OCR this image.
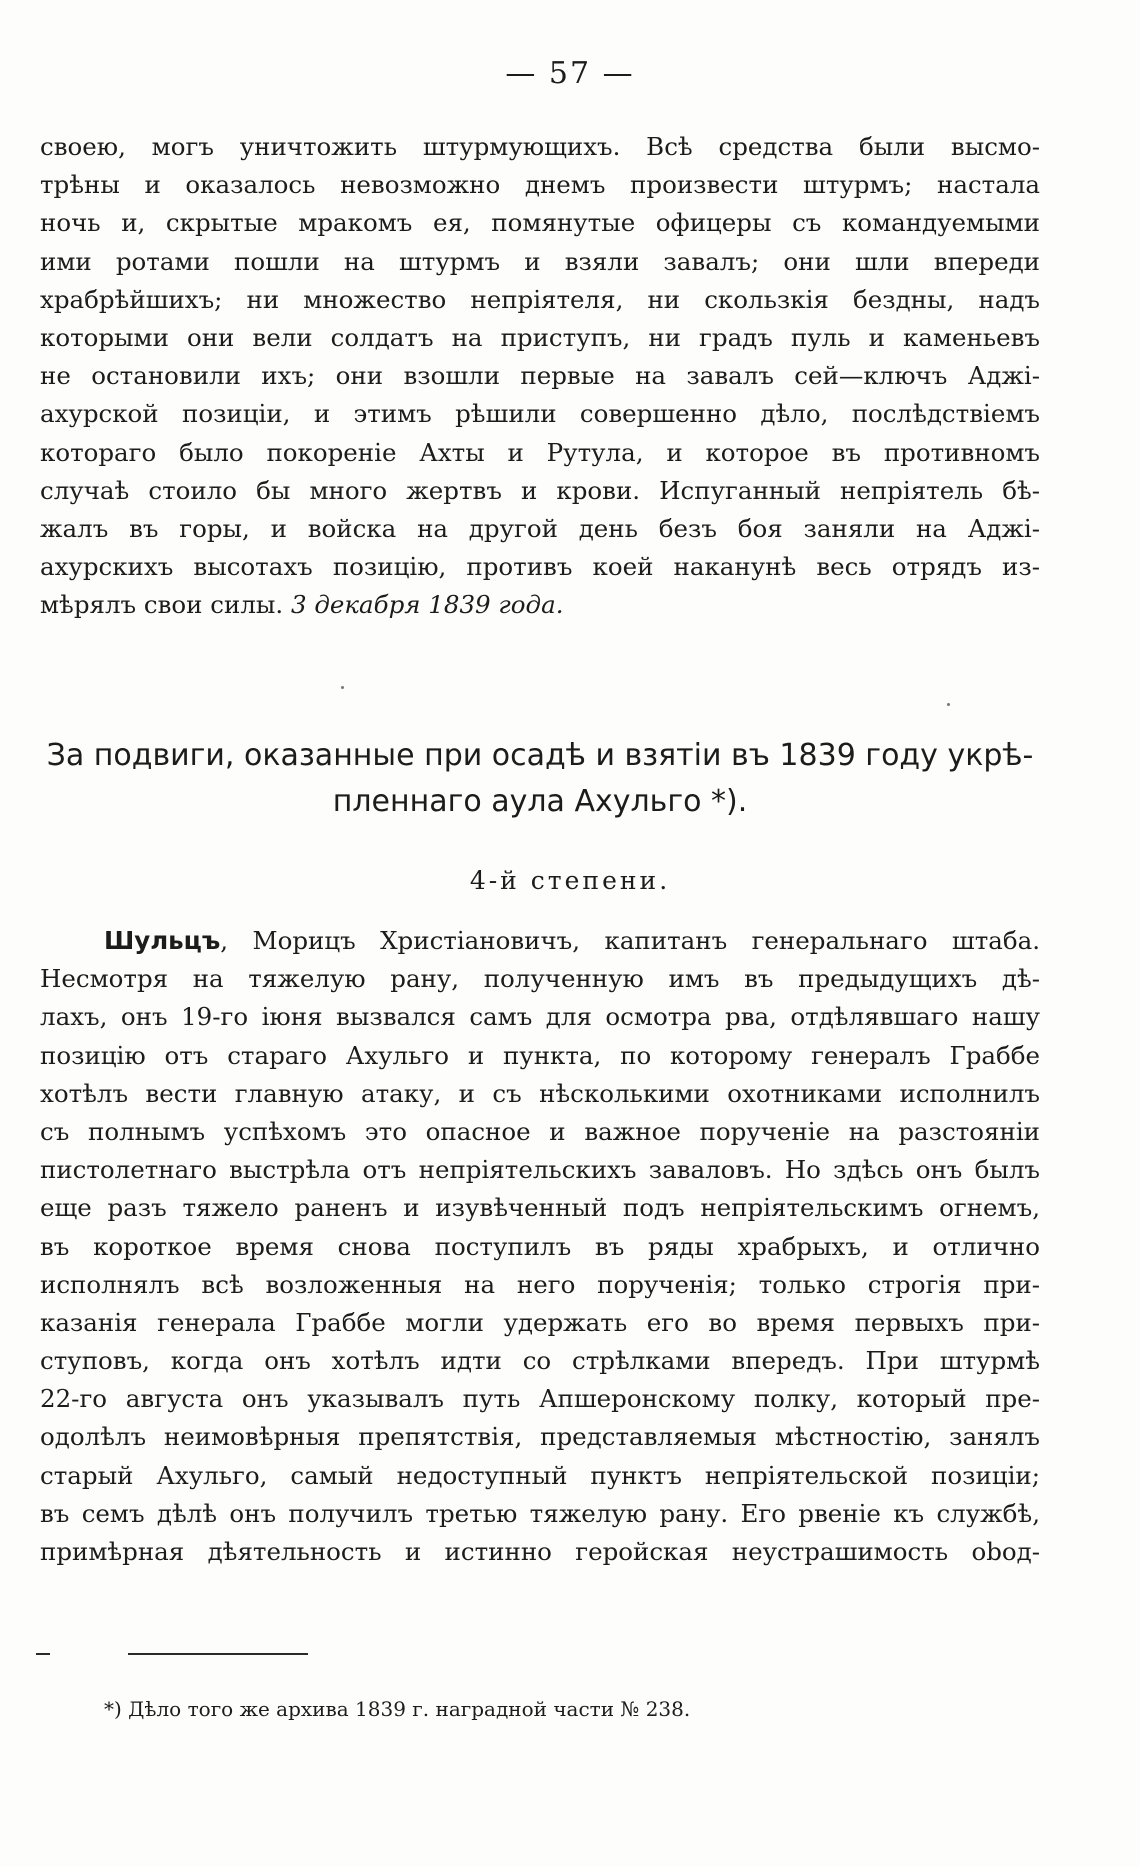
— 57 —
своею, могъ уничтожить штурмующихъ. Всѣ средства были высмо-
трѣны и оказалось невозможно днемъ произвести штурмъ; настала
ночь и, скрытые мракомъ ея, помянутые офицеры съ командуемыми
ими ротами пошли на штурмъ и взяли завалъ; они шли впереди
храбрѣйшихъ; ни множество непріятеля, ни скользкія бездны, надъ
которыми они вели солдатъ на приступъ, ни градъ пуль и каменьевъ
не остановили ихъ; они взошли первые на завалъ сей—ключъ Аджі-
ахурской позиціи, и этимъ рѣшили совершенно дѣло, послѣдствіемъ
котораго было покореніе Ахты и Рутула, и которое въ противномъ
случаѣ стоило бы много жертвъ и крови. Испуганный непріятель бѣ-
жалъ въ горы, и войска на другой день безъ боя заняли на Аджі-
ахурскихъ высотахъ позицію, противъ коей наканунѣ весь отрядъ из-
мѣрялъ свои силы. 3 декабря 1839 года.
За подвиги, оказанные при осадѣ и взятіи въ 1839 году укрѣ-
пленнаго аула Ахульго *).
4-й степени.
Шульцъ, Морицъ Христіановичъ, капитанъ генеральнаго штаба.
Несмотря на тяжелую рану, полученную имъ въ предыдущихъ дѣ-
лахъ, онъ 19-го іюня вызвался самъ для осмотра рва, отдѣлявшаго нашу
позицію отъ стараго Ахульго и пункта, по которому генералъ Граббе
хотѣлъ вести главную атаку, и съ нѣсколькими охотниками исполнилъ
съ полнымъ успѣхомъ это опасное и важное порученіе на разстояніи
пистолетнаго выстрѣла отъ непріятельскихъ заваловъ. Но здѣсь онъ былъ
еще разъ тяжело раненъ и изувѣченный подъ непріятельскимъ огнемъ,
въ короткое время снова поступилъ въ ряды храбрыхъ, и отлично
исполнялъ всѣ возложенныя на него порученія; только строгія при-
казанія генерала Граббе могли удержать его во время первыхъ при-
ступовъ, когда онъ хотѣлъ идти со стрѣлками впередъ. При штурмѣ
22-го августа онъ указывалъ путь Апшеронскому полку, который пре-
одолѣлъ неимовѣрныя препятствія, представляемыя мѣстностію, занялъ
старый Ахульго, самый недоступный пунктъ непріятельской позиціи;
въ семъ дѣлѣ онъ получилъ третью тяжелую рану. Его рвеніе къ службѣ,
примѣрная дѣятельность и истинно геройская неустрашимость obод-
*) Дѣло того же архива 1839 г. наградной части № 238.
